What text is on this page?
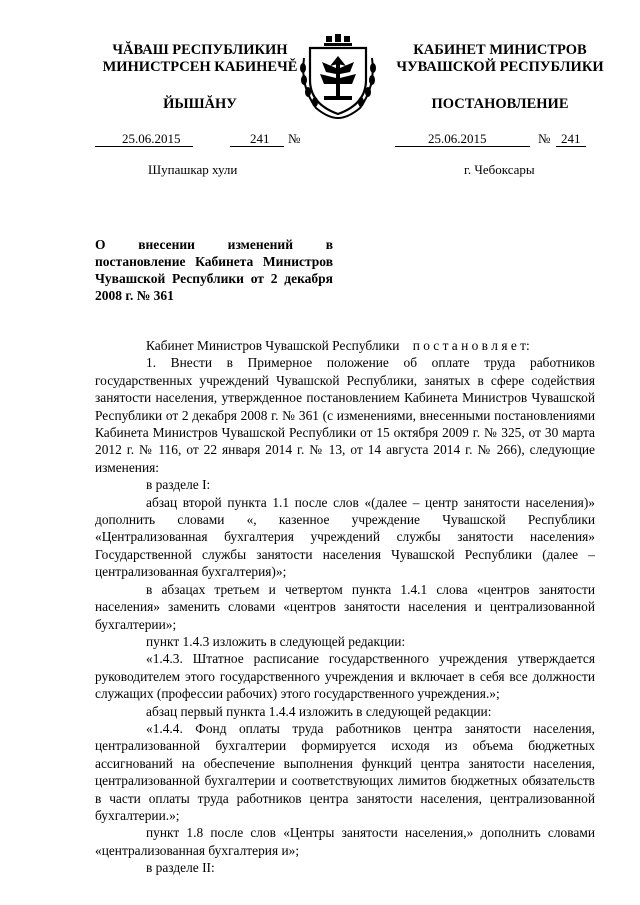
ЧĂВАШ РЕСПУБЛИКИН
МИНИСТРСЕН КАБИНЕЧĔ
ЙЫШĂНУ
КАБИНЕТ МИНИСТРОВ
ЧУВАШСКОЙ РЕСПУБЛИКИ
ПОСТАНОВЛЕНИЕ
25.06.2015	241 №	25.06.2015	№ 241
Шупашкар хули	г. Чебоксары
О внесении изменений в постановление Кабинета Министров Чувашской Республики от 2 декабря 2008 г. № 361

Кабинет Министров Чувашской Республики п о с т а н о в л я е т:

1. Внести в Примерное положение об оплате труда работников государственных учреждений Чувашской Республики, занятых в сфере содействия занятости населения, утвержденное постановлением Кабинета Министров Чувашской Республики от 2 декабря 2008 г. № 361 (с изменениями, внесенными постановлениями Кабинета Министров Чувашской Республики от 15 октября 2009 г. № 325, от 30 марта 2012 г. № 116, от 22 января 2014 г. № 13, от 14 августа 2014 г. № 266), следующие изменения:

в разделе I:

абзац второй пункта 1.1 после слов «(далее – центр занятости населения)» дополнить словами «, казенное учреждение Чувашской Республики «Централизованная бухгалтерия учреждений службы занятости населения» Государственной службы занятости населения Чувашской Республики (далее – централизованная бухгалтерия)»;

в абзацах третьем и четвертом пункта 1.4.1 слова «центров занятости населения» заменить словами «центров занятости населения и централизованной бухгалтерии»;

пункт 1.4.3 изложить в следующей редакции:

«1.4.3. Штатное расписание государственного учреждения утверждается руководителем этого государственного учреждения и включает в себя все должности служащих (профессии рабочих) этого государственного учреждения.»;

абзац первый пункта 1.4.4 изложить в следующей редакции:

«1.4.4. Фонд оплаты труда работников центра занятости населения, централизованной бухгалтерии формируется исходя из объема бюджетных ассигнований на обеспечение выполнения функций центра занятости населения, централизованной бухгалтерии и соответствующих лимитов бюджетных обязательств в части оплаты труда работников центра занятости населения, централизованной бухгалтерии.»;

пункт 1.8 после слов «Центры занятости населения,» дополнить словами «централизованная бухгалтерия и»;

в разделе II:
